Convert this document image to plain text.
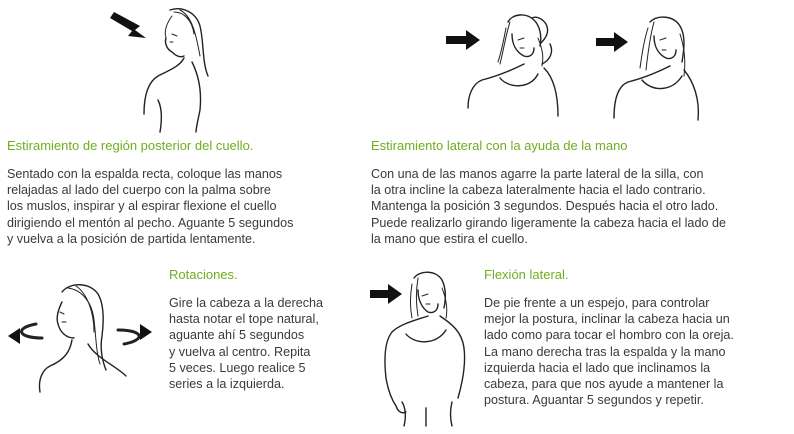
Estiramiento de región posterior del cuello.
Sentado con la espalda recta, coloque las manos
relajadas al lado del cuerpo con la palma sobre
los muslos, inspirar y al espirar flexione el cuello
dirigiendo el mentón al pecho. Aguante 5 segundos
y vuelva a la posición de partida lentamente.
Estiramiento lateral con la ayuda de la mano
Con una de las manos agarre la parte lateral de la silla, con
la otra incline la cabeza lateralmente hacia el lado contrario.
Mantenga la posición 3 segundos. Después hacia el otro lado.
Puede realizarlo girando ligeramente la cabeza hacia el lado de
la mano que estira el cuello.
Rotaciones.
Gire la cabeza a la derecha
hasta notar el tope natural,
aguante ahí 5 segundos
y vuelva al centro. Repita
5 veces. Luego realice 5
series a la izquierda.
Flexión lateral.
De pie frente a un espejo, para controlar
mejor la postura, inclinar la cabeza hacia un
lado como para tocar el hombro con la oreja.
La mano derecha tras la espalda y la mano
izquierda hacia el lado que inclinamos la
cabeza, para que nos ayude a mantener la
postura. Aguantar 5 segundos y repetir.
